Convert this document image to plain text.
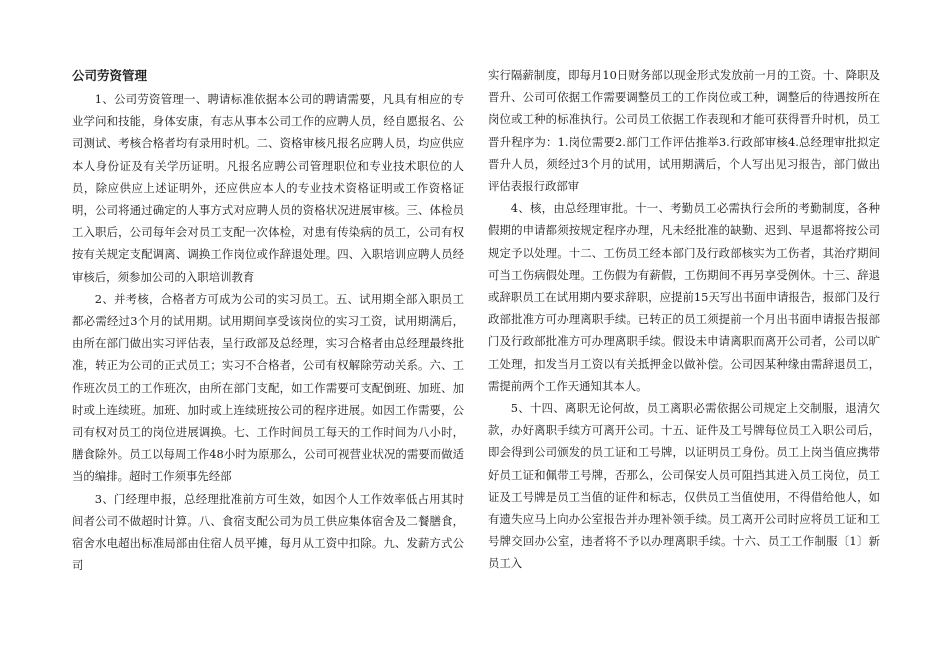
公司劳资管理

1、公司劳资管理一、聘请标准依据本公司的聘请需要，凡具有相应的专业学问和技能，身体安康，有志从事本公司工作的应聘人员，经自愿报名、公司测试、考核合格者均有录用时机。二、资格审核凡报名应聘人员，均应供应本人身份证及有关学历证明。凡报名应聘公司管理职位和专业技术职位的人员，除应供应上述证明外，还应供应本人的专业技术资格证明或工作资格证明，公司将通过确定的人事方式对应聘人员的资格状况进展审核。三、体检员工入职后，公司每年会对员工支配一次体检，对患有传染病的员工，公司有权按有关规定支配调离、调换工作岗位或作辞退处理。四、入职培训应聘人员经审核后，须参加公司的入职培训教育

2、并考核，合格者方可成为公司的实习员工。五、试用期全部入职员工都必需经过3个月的试用期。试用期间享受该岗位的实习工资，试用期满后，由所在部门做出实习评估表，呈行政部及总经理，实习合格者由总经理最终批准，转正为公司的正式员工；实习不合格者，公司有权解除劳动关系。六、工作班次员工的工作班次，由所在部门支配，如工作需要可支配倒班、加班、加时或上连续班。加班、加时或上连续班按公司的程序进展。如因工作需要，公司有权对员工的岗位进展调换。七、工作时间员工每天的工作时间为八小时，膳食除外。员工以每周工作48小时为原那么，公司可视营业状况的需要而做适当的编排。超时工作须事先经部

3、门经理申报，总经理批准前方可生效，如因个人工作效率低占用其时间者公司不做超时计算。八、食宿支配公司为员工供应集体宿舍及二餐膳食，宿舍水电超出标准局部由住宿人员平摊，每月从工资中扣除。九、发薪方式公司

实行隔薪制度，即每月10日财务部以现金形式发放前一月的工资。十、降职及晋升、公司可依据工作需要调整员工的工作岗位或工种，调整后的待遇按所在岗位或工种的标准执行。公司员工依据工作表现和才能可获得晋升时机，员工晋升程序为：1.岗位需要2.部门工作评估推举3.行政部审核4.总经理审批拟定晋升人员，须经过3个月的试用，试用期满后，个人写出见习报告，部门做出评估表报行政部审

4、核，由总经理审批。十一、考勤员工必需执行会所的考勤制度，各种假期的申请都须按规定程序办理，凡未经批准的缺勤、迟到、早退都将按公司规定予以处理。十二、工伤员工经本部门及行政部核实为工伤者，其治疗期间可当工伤病假处理。工伤假为有薪假，工伤期间不再另享受例休。十三、辞退或辞职员工在试用期内要求辞职，应提前15天写出书面申请报告，报部门及行政部批准方可办理离职手续。已转正的员工须提前一个月出书面申请报告报部门及行政部批准方可办理离职手续。假设未申请离职而离开公司者，公司以旷工处理，扣发当月工资以有关抵押金以做补偿。公司因某种缘由需辞退员工，需提前两个工作天通知其本人。

5、十四、离职无论何故，员工离职必需依据公司规定上交制服，退清欠款，办好离职手续方可离开公司。十五、证件及工号牌每位员工入职公司后，即会得到公司颁发的员工证和工号牌，以证明员工身份。员工上岗当值应携带好员工证和佩带工号牌，否那么，公司保安人员可阻挡其进入员工岗位，员工证及工号牌是员工当值的证件和标志，仅供员工当值使用，不得借给他人，如有遗失应马上向办公室报告并办理补领手续。员工离开公司时应将员工证和工号牌交回办公室，违者将不予以办理离职手续。十六、员工工作制服〔1〕新员工入
